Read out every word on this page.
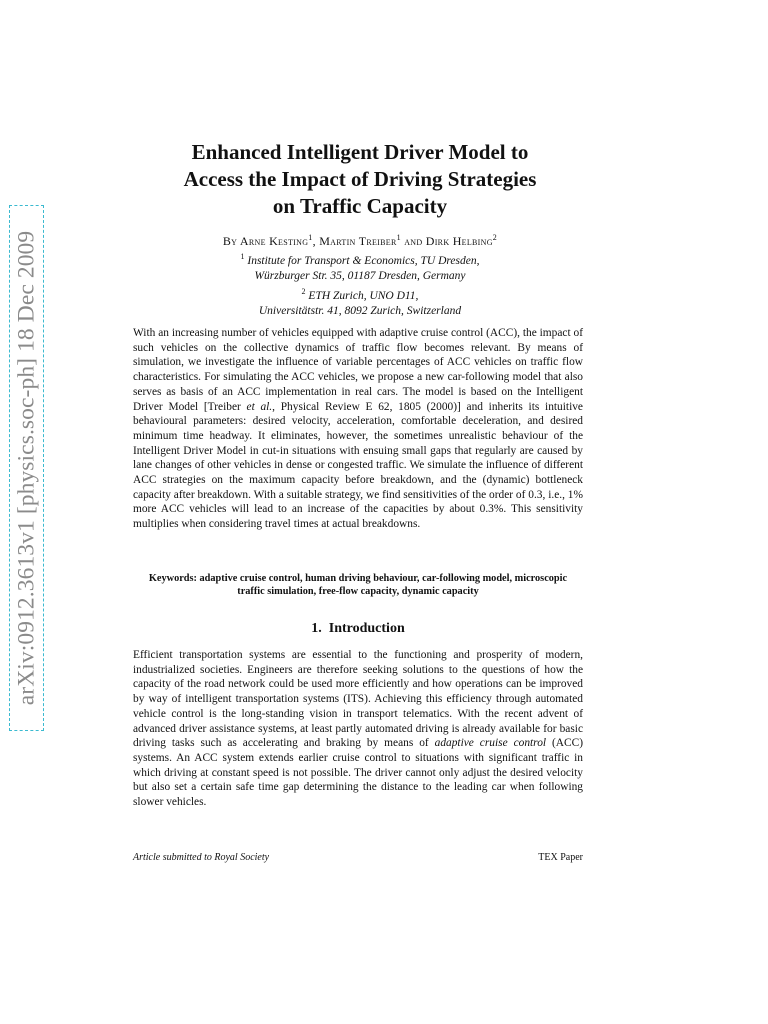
arXiv:0912.3613v1 [physics.soc-ph] 18 Dec 2009
Enhanced Intelligent Driver Model to
Access the Impact of Driving Strategies
on Traffic Capacity
By Arne Kesting$^1$, Martin Treiber$^1$ and Dirk Helbing$^2$
$^1$ Institute for Transport & Economics, TU Dresden,
Würzburger Str. 35, 01187 Dresden, Germany
$^2$ ETH Zurich, UNO D11,
Universitätstr. 41, 8092 Zurich, Switzerland

With an increasing number of vehicles equipped with adaptive cruise control (ACC), the impact of such vehicles on the collective dynamics of traffic flow becomes relevant. By means of simulation, we investigate the influence of variable percentages of ACC vehicles on traffic flow characteristics. For simulating the ACC vehicles, we propose a new car-following model that also serves as basis of an ACC implementation in real cars. The model is based on the Intelligent Driver Model [Treiber et al., Physical Review E 62, 1805 (2000)] and inherits its intuitive behavioural parameters: desired velocity, acceleration, comfortable deceleration, and desired minimum time headway. It eliminates, however, the sometimes unrealistic behaviour of the Intelligent Driver Model in cut-in situations with ensuing small gaps that regularly are caused by lane changes of other vehicles in dense or congested traffic. We simulate the influence of different ACC strategies on the maximum capacity before breakdown, and the (dynamic) bottleneck capacity after breakdown. With a suitable strategy, we find sensitivities of the order of 0.3, i.e., 1% more ACC vehicles will lead to an increase of the capacities by about 0.3%. This sensitivity multiplies when considering travel times at actual breakdowns.

Keywords: adaptive cruise control, human driving behaviour, car-following model, microscopic traffic simulation, free-flow capacity, dynamic capacity
1. Introduction

Efficient transportation systems are essential to the functioning and prosperity of modern, industrialized societies. Engineers are therefore seeking solutions to the questions of how the capacity of the road network could be used more efficiently and how operations can be improved by way of intelligent transportation systems (ITS). Achieving this efficiency through automated vehicle control is the long-standing vision in transport telematics. With the recent advent of advanced driver assistance systems, at least partly automated driving is already available for basic driving tasks such as accelerating and braking by means of adaptive cruise control (ACC) systems. An ACC system extends earlier cruise control to situations with significant traffic in which driving at constant speed is not possible. The driver cannot only adjust the desired velocity but also set a certain safe time gap determining the distance to the leading car when following slower vehicles.

Article submitted to Royal Society	TEX Paper
